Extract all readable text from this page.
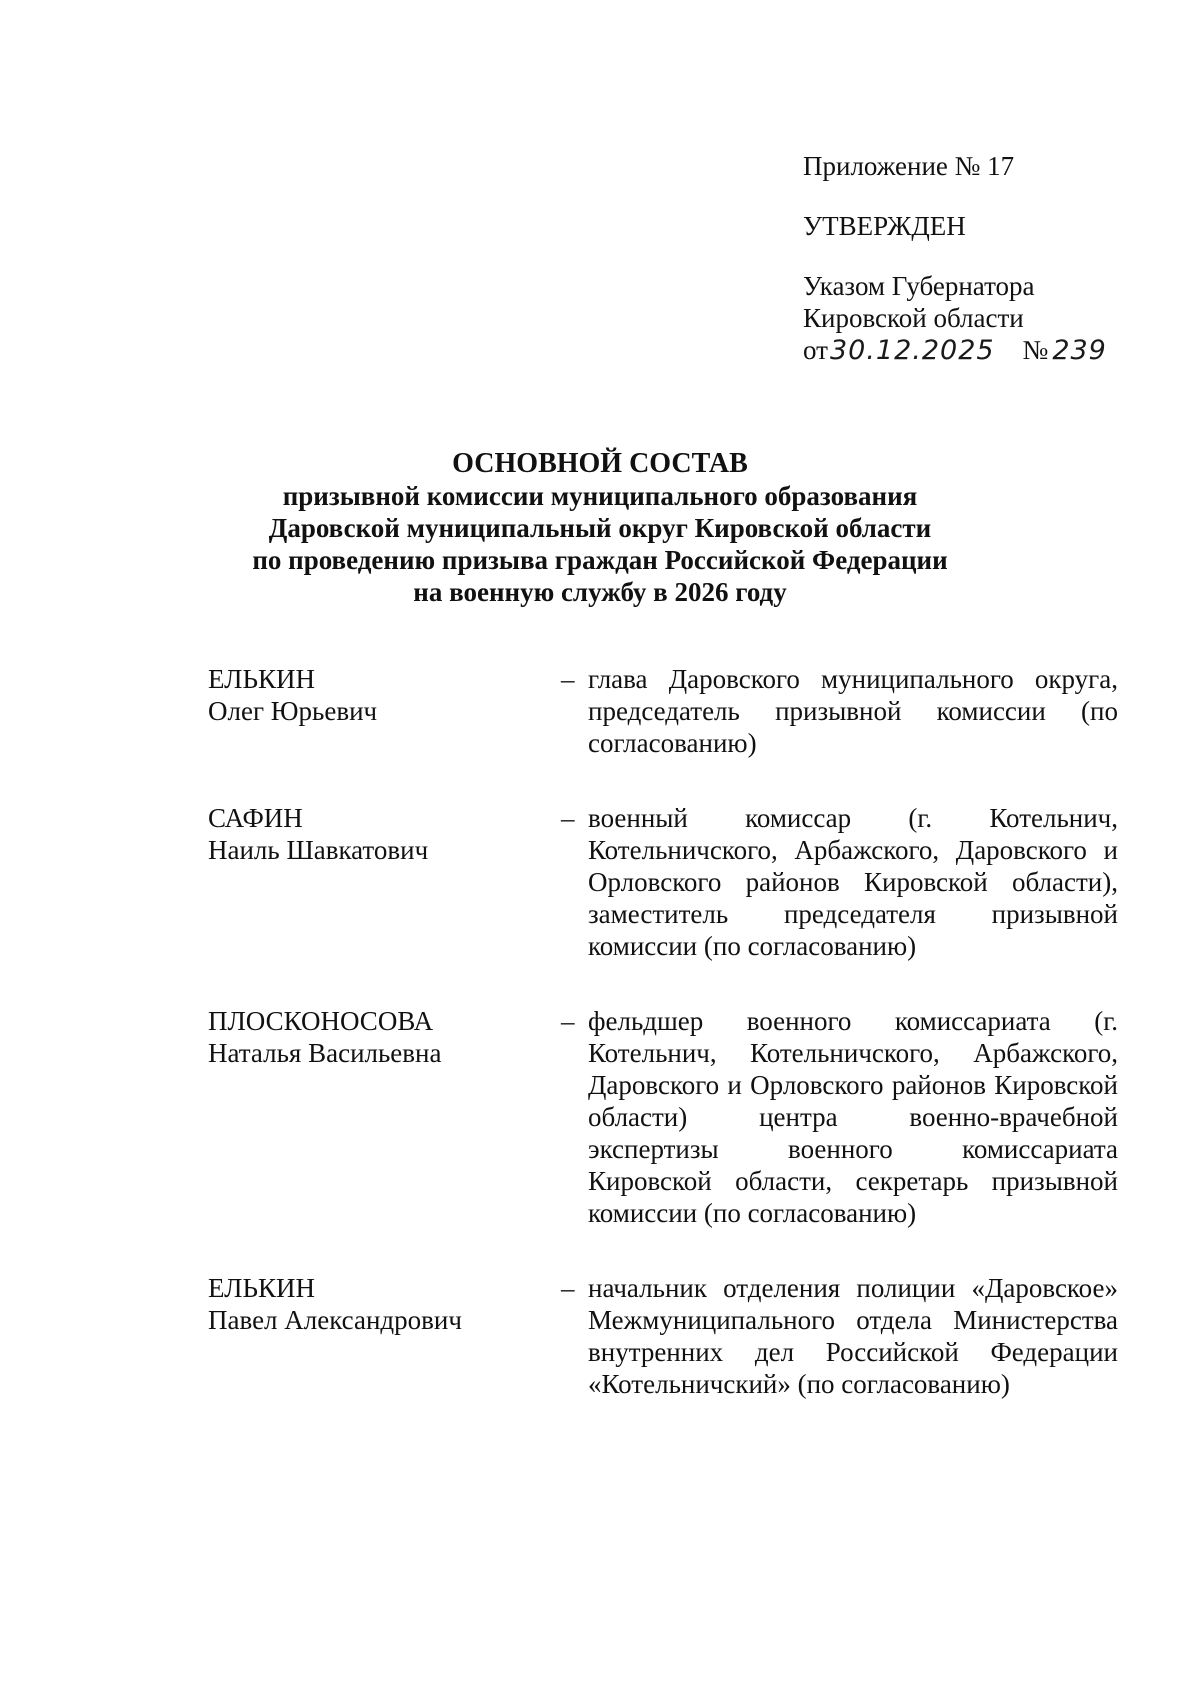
Приложение № 17
УТВЕРЖДЕН
Указом Губернатора
Кировской области
от30.12.2025 № 239
ОСНОВНОЙ СОСТАВ
призывной комиссии муниципального образования
Даровской муниципальный округ Кировской области
по проведению призыва граждан Российской Федерации
на военную службу в 2026 году
ЕЛЬКИН
Олег Юрьевич
– глава Даровского муниципального округа, председатель призывной комиссии (по согласованию)
САФИН
Наиль Шавкатович
– военный комиссар (г. Котельнич, Котельничского, Арбажского, Даровского и Орловского районов Кировской области), заместитель председателя призывной комиссии (по согласованию)
ПЛОСКОНОСОВА
Наталья Васильевна
– фельдшер военного комиссариата (г. Котельнич, Котельничского, Арбажского, Даровского и Орловского районов Кировской области) центра военно-врачебной экспертизы военного комиссариата Кировской области, секретарь призывной комиссии (по согласованию)
ЕЛЬКИН
Павел Александрович
– начальник отделения полиции «Даровское» Межмуниципального отдела Министерства внутренних дел Российской Федерации «Котельничский» (по согласованию)
